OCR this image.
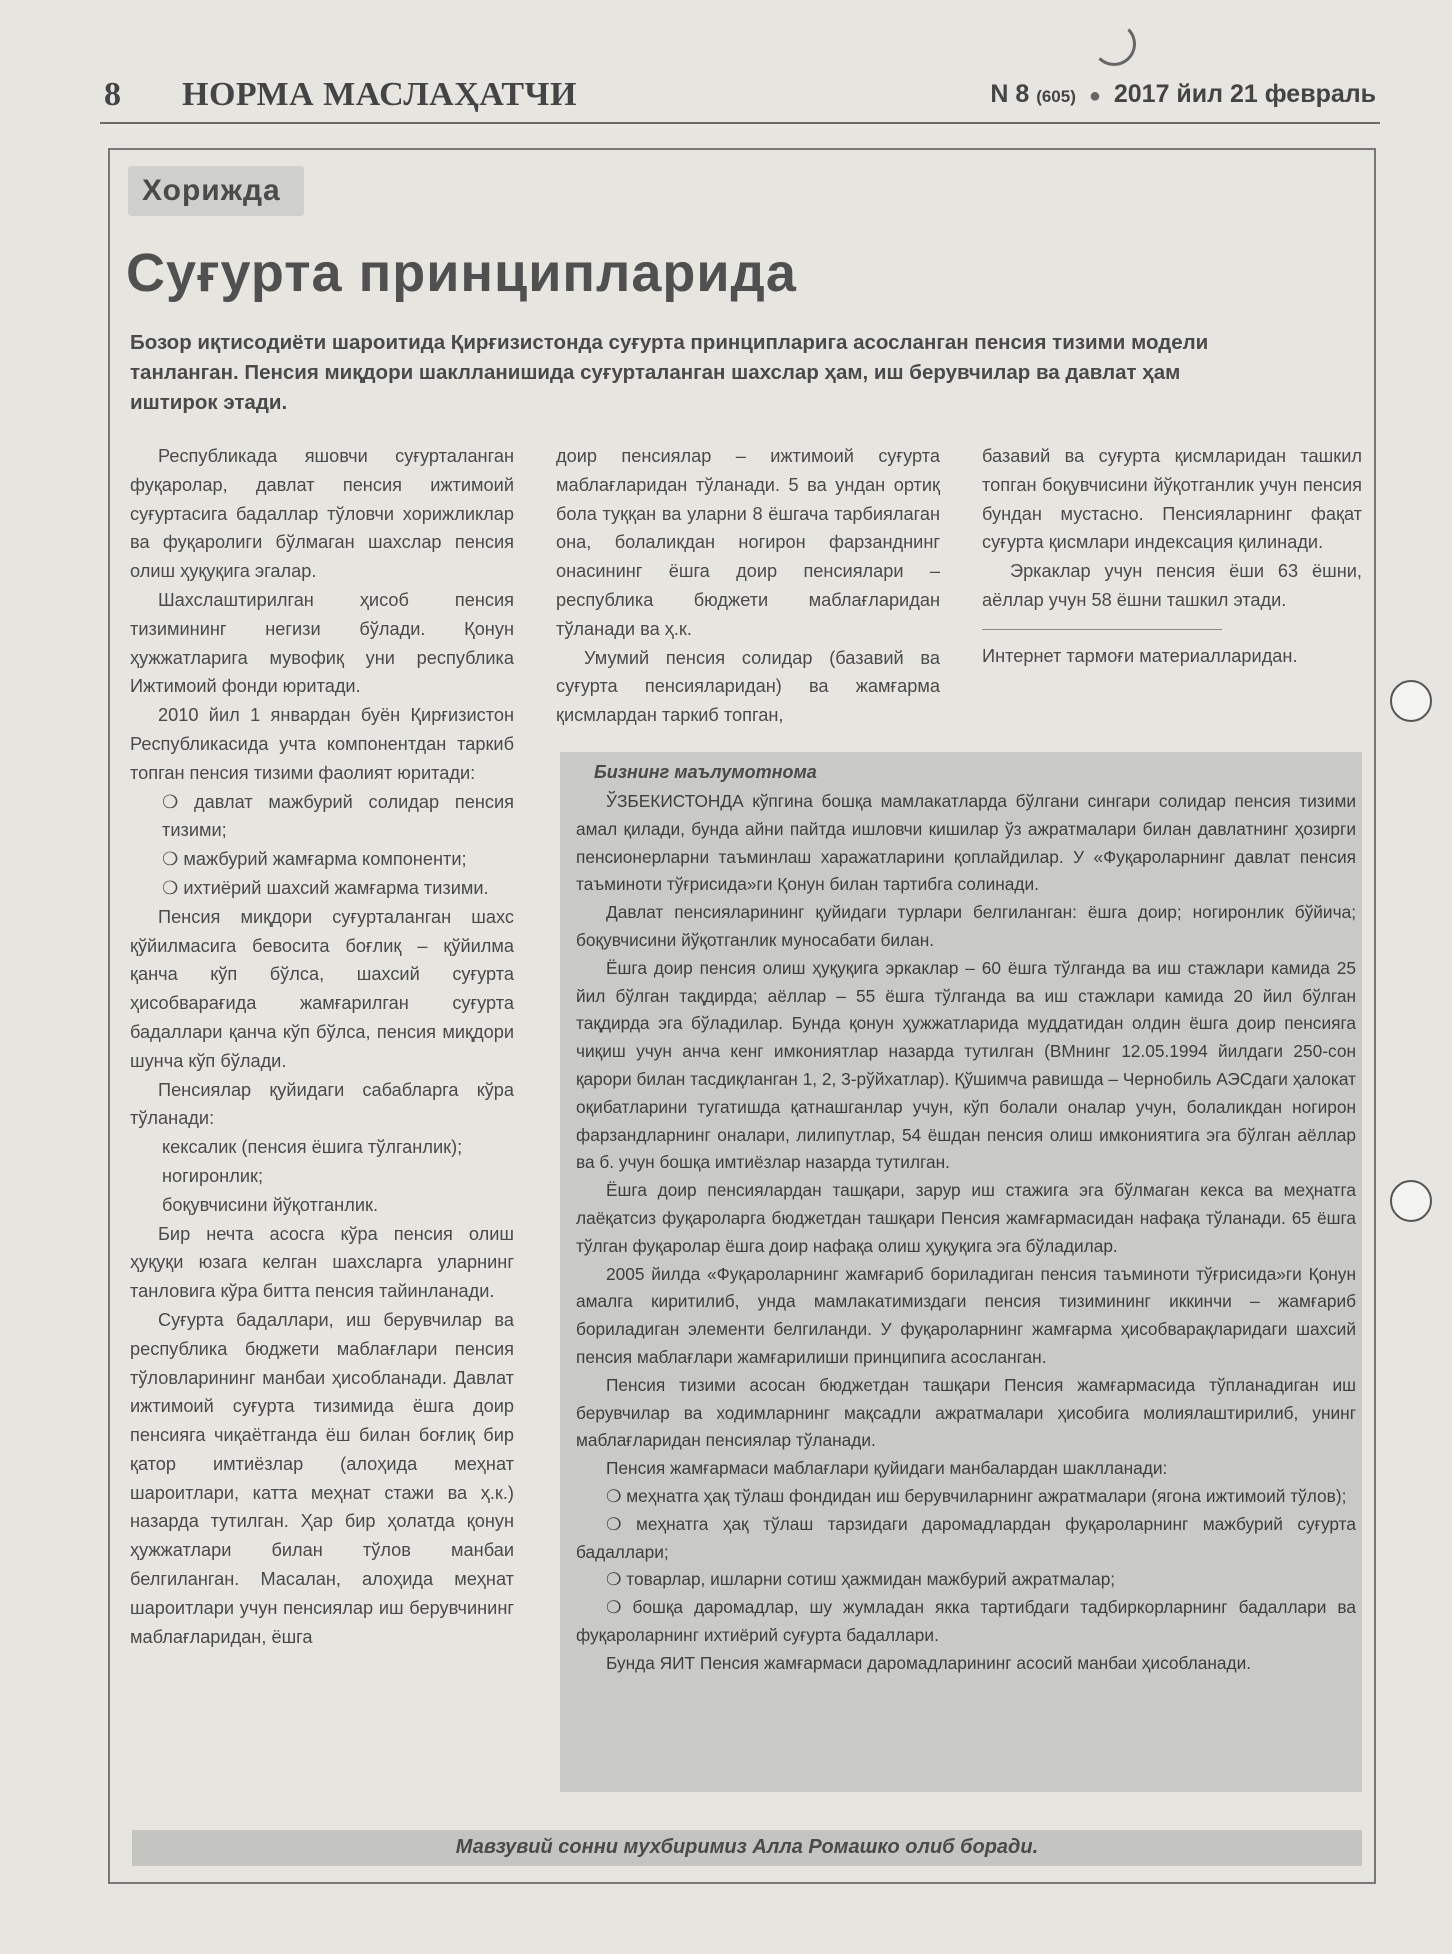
8 НОРМА МАСЛАҲАТЧИ	N 8 (605) ● 2017 йил 21 февраль
Хорижда
Суғурта принципларида
Бозор иқтисодиёти шароитида Қирғизистонда суғурта принципларига асосланган пенсия тизими модели танланган. Пенсия миқдори шаклланишида суғурталанган шахслар ҳам, иш берувчилар ва давлат ҳам иштирок этади.

Республикада яшовчи суғурталанган фуқаролар, давлат пенсия ижтимоий суғуртасига бадаллар тўловчи хорижликлар ва фуқаролиги бўлмаган шахслар пенсия олиш ҳуқуқига эгалар.

Шахслаштирилган ҳисоб пенсия тизимининг негизи бўлади. Қонун ҳужжатларига мувофиқ уни республика Ижтимоий фонди юритади.

2010 йил 1 январдан буён Қирғизистон Республикасида учта компонентдан таркиб топган пенсия тизими фаолият юритади:

❍ давлат мажбурий солидар пенсия тизими;

❍ мажбурий жамғарма компоненти;

❍ ихтиёрий шахсий жамғарма тизими.

Пенсия миқдори суғурталанган шахс қўйилмасига бевосита боғлиқ – қўйилма қанча кўп бўлса, шахсий суғурта ҳисобварағида жамғарилган суғурта бадаллари қанча кўп бўлса, пенсия миқдори шунча кўп бўлади.

Пенсиялар қуйидаги сабабларга кўра тўланади:

кексалик (пенсия ёшига тўлганлик);

ногиронлик;

боқувчисини йўқотганлик.

Бир нечта асосга кўра пенсия олиш ҳуқуқи юзага келган шахсларга уларнинг танловига кўра битта пенсия тайинланади.

Суғурта бадаллари, иш берувчилар ва республика бюджети маблағлари пенсия тўловларининг манбаи ҳисобланади. Давлат ижтимоий суғурта тизимида ёшга доир пенсияга чиқаётганда ёш билан боғлиқ бир қатор имтиёзлар (алоҳида меҳнат шароитлари, катта меҳнат стажи ва ҳ.к.) назарда тутилган. Ҳар бир ҳолатда қонун ҳужжатлари билан тўлов манбаи белгиланган. Масалан, алоҳида меҳнат шароитлари учун пенсиялар иш берувчининг маблағларидан, ёшга

доир пенсиялар – ижтимоий суғурта маблағларидан тўланади. 5 ва ундан ортиқ бола туққан ва уларни 8 ёшгача тарбиялаган она, болаликдан ногирон фарзанднинг онасининг ёшга доир пенсиялари – республика бюджети маблағларидан тўланади ва ҳ.к.

Умумий пенсия солидар (базавий ва суғурта пенсияларидан) ва жамғарма қисмлардан таркиб топган,

базавий ва суғурта қисмларидан ташкил топган боқувчисини йўқотганлик учун пенсия бундан мустасно. Пенсияларнинг фақат суғурта қисмлари индексация қилинади.

Эркаклар учун пенсия ёши 63 ёшни, аёллар учун 58 ёшни ташкил этади.

Интернет тармоғи материалларидан.

Бизнинг маълумотнома

ЎЗБЕКИСТОНДА кўпгина бошқа мамлакатларда бўлгани сингари солидар пенсия тизими амал қилади, бунда айни пайтда ишловчи кишилар ўз ажратмалари билан давлатнинг ҳозирги пенсионерларни таъминлаш харажатларини қоплайдилар. У «Фуқароларнинг давлат пенсия таъминоти тўғрисида»ги Қонун билан тартибга солинади.

Давлат пенсияларининг қуйидаги турлари белгиланган: ёшга доир; ногиронлик бўйича; боқувчисини йўқотганлик муносабати билан.

Ёшга доир пенсия олиш ҳуқуқига эркаклар – 60 ёшга тўлганда ва иш стажлари камида 25 йил бўлган тақдирда; аёллар – 55 ёшга тўлганда ва иш стажлари камида 20 йил бўлган тақдирда эга бўладилар. Бунда қонун ҳужжатларида муддатидан олдин ёшга доир пенсияга чиқиш учун анча кенг имкониятлар назарда тутилган (ВМнинг 12.05.1994 йилдаги 250-сон қарори билан тасдиқланган 1, 2, 3-рўйхатлар). Қўшимча равишда – Чернобиль АЭСдаги ҳалокат оқибатларини тугатишда қатнашганлар учун, кўп болали оналар учун, болаликдан ногирон фарзандларнинг оналари, лилипутлар, 54 ёшдан пенсия олиш имкониятига эга бўлган аёллар ва б. учун бошқа имтиёзлар назарда тутилган.

Ёшга доир пенсиялардан ташқари, зарур иш стажига эга бўлмаган кекса ва меҳнатга лаёқатсиз фуқароларга бюджетдан ташқари Пенсия жамғармасидан нафақа тўланади. 65 ёшга тўлган фуқаролар ёшга доир нафақа олиш ҳуқуқига эга бўладилар.

2005 йилда «Фуқароларнинг жамғариб бориладиган пенсия таъминоти тўғрисида»ги Қонун амалга киритилиб, унда мамлакатимиздаги пенсия тизимининг иккинчи – жамғариб бориладиган элементи белгиланди. У фуқароларнинг жамғарма ҳисобварақларидаги шахсий пенсия маблағлари жамғарилиши принципига асосланган.

Пенсия тизими асосан бюджетдан ташқари Пенсия жамғармасида тўпланадиган иш берувчилар ва ходимларнинг мақсадли ажратмалари ҳисобига молиялаштирилиб, унинг маблағларидан пенсиялар тўланади.

Пенсия жамғармаси маблағлари қуйидаги манбалардан шаклланади:

❍ меҳнатга ҳақ тўлаш фондидан иш берувчиларнинг ажратмалари (ягона ижтимоий тўлов);

❍ меҳнатга ҳақ тўлаш тарзидаги даромадлардан фуқароларнинг мажбурий суғурта бадаллари;

❍ товарлар, ишларни сотиш ҳажмидан мажбурий ажратмалар;

❍ бошқа даромадлар, шу жумладан якка тартибдаги тадбиркорларнинг бадаллари ва фуқароларнинг ихтиёрий суғурта бадаллари.

Бунда ЯИТ Пенсия жамғармаси даромадларининг асосий манбаи ҳисобланади.

Мавзувий сонни мухбиримиз Алла Ромашко олиб боради.
